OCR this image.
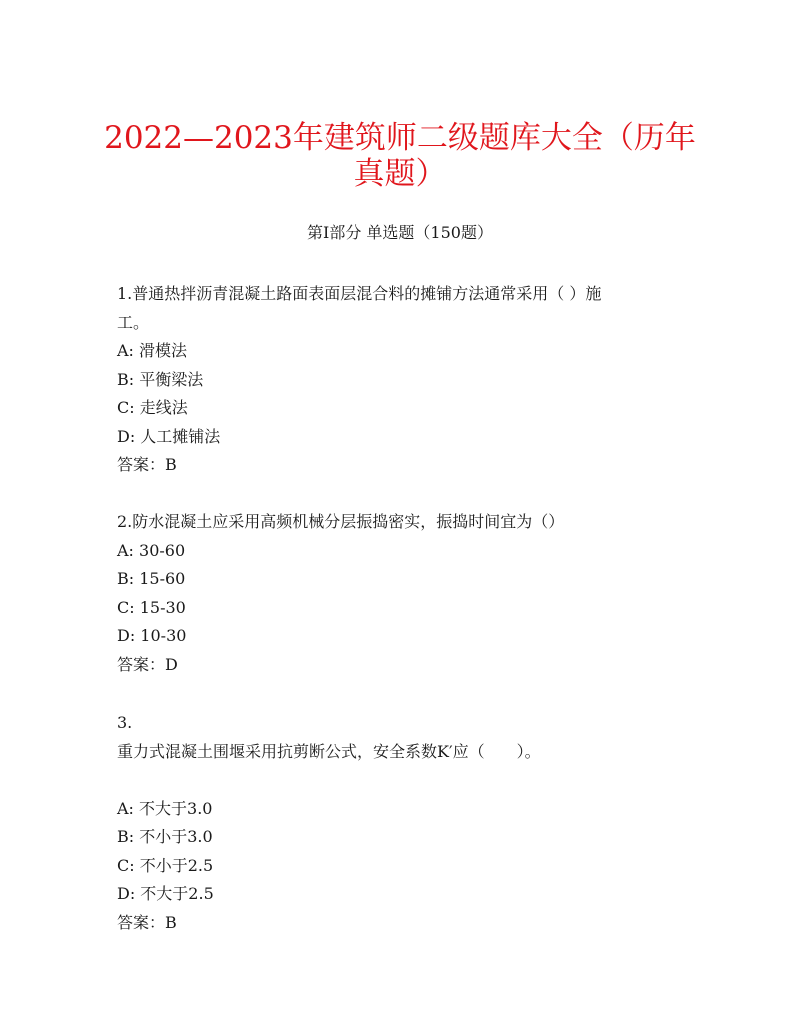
2022—2023年建筑师二级题库大全（历年真题）
第I部分 单选题（150题）
1.普通热拌沥青混凝土路面表面层混合料的摊铺方法通常采用（ ）施
工。
A: 滑模法
B: 平衡梁法
C: 走线法
D: 人工摊铺法
答案：B
2.防水混凝土应采用高频机械分层振捣密实，振捣时间宜为（）
A: 30-60
B: 15-60
C: 15-30
D: 10-30
答案：D
3.
重力式混凝土围堰采用抗剪断公式，安全系数K′应（　　）。
A: 不大于3.0
B: 不小于3.0
C: 不小于2.5
D: 不大于2.5
答案：B
